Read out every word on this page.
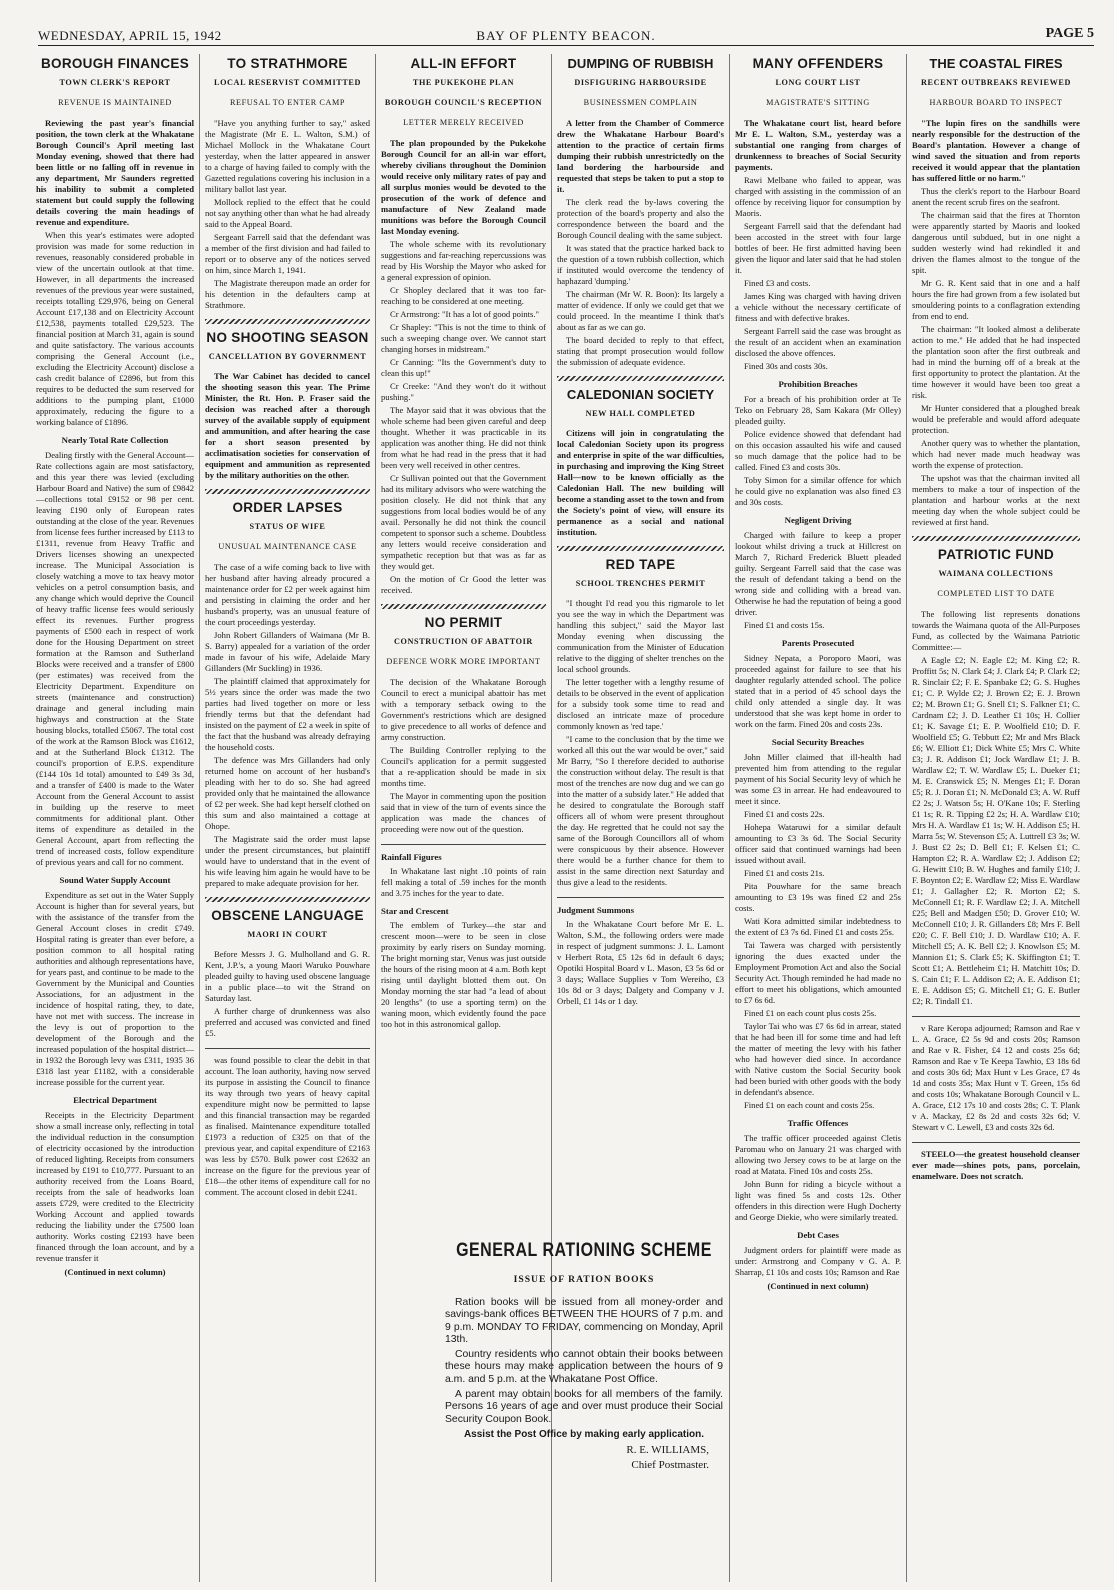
WEDNESDAY, APRIL 15, 1942	BAY OF PLENTY BEACON.	PAGE 5
BOROUGH FINANCES
TOWN CLERK'S REPORT
REVENUE IS MAINTAINED

Reviewing the past year's financial position, the town clerk at the Whakatane Borough Council's April meeting last Monday evening, showed that there had been little or no falling off in revenue in any department, Mr Saunders regretted his inability to submit a completed statement but could supply the following details covering the main headings of revenue and expenditure.

When this year's estimates were adopted provision was made for some reduction in revenues, reasonably considered probable in view of the uncertain outlook at that time. However, in all departments the increased revenues of the previous year were sustained, receipts totalling £29,976, being on General Account £17,138 and on Electricity Account £12,538, payments totalled £29,523. The financial position at March 31, again is sound and quite satisfactory. The various accounts comprising the General Account (i.e., excluding the Electricity Account) disclose a cash credit balance of £2896, but from this requires to be deducted the sum reserved for additions to the pumping plant, £1000 approximately, reducing the figure to a working balance of £1896.

Nearly Total Rate Collection

Dealing firstly with the General Account—Rate collections again are most satisfactory, and this year there was levied (excluding Harbour Board and Native) the sum of £9842—collections total £9152 or 98 per cent. leaving £190 only of European rates outstanding at the close of the year. Revenues from license fees further increased by £113 to £1311, revenue from Heavy Traffic and Drivers licenses showing an unexpected increase. The Municipal Association is closely watching a move to tax heavy motor vehicles on a petrol consumption basis, and any change which would deprive the Council of heavy traffic license fees would seriously effect its revenues. Further progress payments of £500 each in respect of work done for the Housing Department on street formation at the Ramson and Sutherland Blocks were received and a transfer of £800 (per estimates) was received from the Electricity Department. Expenditure on streets (maintenance and construction) drainage and general including main highways and construction at the State housing blocks, totalled £5067. The total cost of the work at the Ramson Block was £1612, and at the Sutherland Block £1312. The council's proportion of E.P.S. expenditure (£144 10s 1d total) amounted to £49 3s 3d, and a transfer of £400 is made to the Water Account from the General Account to assist in building up the reserve to meet commitments for additional plant. Other items of expenditure as detailed in the General Account, apart from reflecting the trend of increased costs, follow expenditure of previous years and call for no comment.

Sound Water Supply Account

Expenditure as set out in the Water Supply Account is higher than for several years, but with the assistance of the transfer from the General Account closes in credit £749. Hospital rating is greater than ever before, a position common to all hospital rating authorities and although representations have, for years past, and continue to be made to the Government by the Municipal and Counties Associations, for an adjustment in the incidence of hospital rating, they, to date, have not met with success. The increase in the levy is out of proportion to the development of the Borough and the increased population of the hospital district—in 1932 the Borough levy was £311, 1935 36 £318 last year £1182, with a considerable increase possible for the current year.

Electrical Department

Receipts in the Electricity Department show a small increase only, reflecting in total the individual reduction in the consumption of electricity occasioned by the introduction of reduced lighting. Receipts from consumers increased by £191 to £10,777. Pursuant to an authority received from the Loans Board, receipts from the sale of headworks loan assets £729, were credited to the Electricity Working Account and applied towards reducing the liability under the £7500 loan authority. Works costing £2193 have been financed through the loan account, and by a revenue transfer it

(Continued in next column)
TO STRATHMORE
LOCAL RESERVIST COMMITTED
REFUSAL TO ENTER CAMP

"Have you anything further to say," asked the Magistrate (Mr E. L. Walton, S.M.) of Michael Mollock in the Whakatane Court yesterday, when the latter appeared in answer to a charge of having failed to comply with the Gazetted regulations covering his inclusion in a military ballot last year.

Mollock replied to the effect that he could not say anything other than what he had already said to the Appeal Board.

Sergeant Farrell said that the defendant was a member of the first division and had failed to report or to observe any of the notices served on him, since March 1, 1941.

The Magistrate thereupon made an order for his detention in the defaulters camp at Strathmore.

NO SHOOTING SEASON
CANCELLATION BY GOVERNMENT

The War Cabinet has decided to cancel the shooting season this year. The Prime Minister, the Rt. Hon. P. Fraser said the decision was reached after a thorough survey of the available supply of equipment and ammunition, and after hearing the case for a short season presented by acclimatisation societies for conservation of equipment and ammunition as represented by the military authorities on the other.

ORDER LAPSES
STATUS OF WIFE
UNUSUAL MAINTENANCE CASE

The case of a wife coming back to live with her husband after having already procured a maintenance order for £2 per week against him and persisting in claiming the order and her husband's property, was an unusual feature of the court proceedings yesterday.

John Robert Gillanders of Waimana (Mr B. S. Barry) appealed for a variation of the order made in favour of his wife, Adelaide Mary Gillanders (Mr Suckling) in 1936.

The plaintiff claimed that approximately for 5½ years since the order was made the two parties had lived together on more or less friendly terms but that the defendant had insisted on the payment of £2 a week in spite of the fact that the husband was already defraying the household costs.

The defence was Mrs Gillanders had only returned home on account of her husband's pleading with her to do so. She had agreed provided only that he maintained the allowance of £2 per week. She had kept herself clothed on this sum and also maintained a cottage at Ohope.

The Magistrate said the order must lapse under the present circumstances, but plaintiff would have to understand that in the event of his wife leaving him again he would have to be prepared to make adequate provision for her.

OBSCENE LANGUAGE
MAORI IN COURT

Before Messrs J. G. Mulholland and G. R. Kent, J.P.'s, a young Maori Waruko Pouwhare pleaded guilty to having used obscene language in a public place—to wit the Strand on Saturday last.

A further charge of drunkenness was also preferred and accused was convicted and fined £5.

was found possible to clear the debit in that account. The loan authority, having now served its purpose in assisting the Council to finance its way through two years of heavy capital expenditure might now be permitted to lapse and this financial transaction may be regarded as finalised. Maintenance expenditure totalled £1973 a reduction of £325 on that of the previous year, and capital expenditure of £2163 was less by £570. Bulk power cost £2632 an increase on the figure for the previous year of £18—the other items of expenditure call for no comment. The account closed in debit £241.

ALL-IN EFFORT
THE PUKEKOHE PLAN
BOROUGH COUNCIL'S RECEPTION
LETTER MERELY RECEIVED

The plan propounded by the Pukekohe Borough Council for an all-in war effort, whereby civilians throughout the Dominion would receive only military rates of pay and all surplus monies would be devoted to the prosecution of the work of defence and manufacture of New Zealand made munitions was before the Borough Council last Monday evening.

The whole scheme with its revolutionary suggestions and far-reaching repercussions was read by His Worship the Mayor who asked for a general expression of opinion.

Cr Shopley declared that it was too far-reaching to be considered at one meeting.

Cr Armstrong: "It has a lot of good points."

Cr Shapley: "This is not the time to think of such a sweeping change over. We cannot start changing horses in midstream."

Cr Canning: "Its the Government's duty to clean this up!"

Cr Creeke: "And they won't do it without pushing."

The Mayor said that it was obvious that the whole scheme had been given careful and deep thought. Whether it was practicable in its application was another thing. He did not think from what he had read in the press that it had been very well received in other centres.

Cr Sullivan pointed out that the Government had its military advisors who were watching the position closely. He did not think that any suggestions from local bodies would be of any avail. Personally he did not think the council competent to sponsor such a scheme. Doubtless any letters would receive consideration and sympathetic reception but that was as far as they would get.

On the motion of Cr Good the letter was received.

NO PERMIT
CONSTRUCTION OF ABATTOIR
DEFENCE WORK MORE IMPORTANT

The decision of the Whakatane Borough Council to erect a municipal abattoir has met with a temporary setback owing to the Government's restrictions which are designed to give precedence to all works of defence and army construction.

The Building Controller replying to the Council's application for a permit suggested that a re-application should be made in six months time.

The Mayor in commenting upon the position said that in view of the turn of events since the application was made the chances of proceeding were now out of the question.

Rainfall Figures

In Whakatane last night .10 points of rain fell making a total of .59 inches for the month and 3.75 inches for the year to date.

Star and Crescent

The emblem of Turkey—the star and crescent moon—were to be seen in close proximity by early risers on Sunday morning. The bright morning star, Venus was just outside the hours of the rising moon at 4 a.m. Both kept rising until daylight blotted them out. On Monday morning the star had "a lead of about 20 lengths" (to use a sporting term) on the waning moon, which evidently found the pace too hot in this astronomical gallop.

DUMPING OF RUBBISH
DISFIGURING HARBOURSIDE
BUSINESSMEN COMPLAIN

A letter from the Chamber of Commerce drew the Whakatane Harbour Board's attention to the practice of certain firms dumping their rubbish unrestrictedly on the land bordering the harbourside and requested that steps be taken to put a stop to it.

The clerk read the by-laws covering the protection of the board's property and also the correspondence between the board and the Borough Council dealing with the same subject.

It was stated that the practice harked back to the question of a town rubbish collection, which if instituted would overcome the tendency of haphazard 'dumping.'

The chairman (Mr W. R. Boon): Its largely a matter of evidence. If only we could get that we could proceed. In the meantime I think that's about as far as we can go.

The board decided to reply to that effect, stating that prompt prosecution would follow the submission of adequate evidence.

CALEDONIAN SOCIETY
NEW HALL COMPLETED

Citizens will join in congratulating the local Caledonian Society upon its progress and enterprise in spite of the war difficulties, in purchasing and improving the King Street Hall—now to be known officially as the Caledonian Hall. The new building will become a standing asset to the town and from the Society's point of view, will ensure its permanence as a social and national institution.

RED TAPE
SCHOOL TRENCHES PERMIT

"I thought I'd read you this rigmarole to let you see the way in which the Department was handling this subject," said the Mayor last Monday evening when discussing the communication from the Minister of Education relative to the digging of shelter trenches on the local school grounds.

The letter together with a lengthy resume of details to be observed in the event of application for a subsidy took some time to read and disclosed an intricate maze of procedure commonly known as 'red tape.'

"I came to the conclusion that by the time we worked all this out the war would be over," said Mr Barry, "So I therefore decided to authorise the construction without delay. The result is that most of the trenches are now dug and we can go into the matter of a subsidy later." He added that he desired to congratulate the Borough staff officers all of whom were present throughout the day. He regretted that he could not say the same of the Borough Councillors all of whom were conspicuous by their absence. However there would be a further chance for them to assist in the same direction next Saturday and thus give a lead to the residents.

Judgment Summons

In the Whakatane Court before Mr E. L. Walton, S.M., the following orders were made in respect of judgment summons: J. L. Lamont v Herbert Rota, £5 12s 6d in default 6 days; Opotiki Hospital Board v L. Mason, £3 5s 6d or 3 days; Wallace Supplies v Tom Wereiho, £3 10s 8d or 3 days; Dalgety and Company v J. Orbell, £1 14s or 1 day.

GENERAL RATIONING SCHEME
ISSUE OF RATION BOOKS

Ration books will be issued from all money-order and savings-bank offices BETWEEN THE HOURS of 7 p.m. and 9 p.m. MONDAY TO FRIDAY, commencing on Monday, April 13th.

Country residents who cannot obtain their books between these hours may make application between the hours of 9 a.m. and 5 p.m. at the Whakatane Post Office.

A parent may obtain books for all members of the family. Persons 16 years of age and over must produce their Social Security Coupon Book.

Assist the Post Office by making early application.

R. E. WILLIAMS,
Chief Postmaster.
MANY OFFENDERS
LONG COURT LIST
MAGISTRATE'S SITTING

The Whakatane court list, heard before Mr E. L. Walton, S.M., yesterday was a substantial one ranging from charges of drunkenness to breaches of Social Security payments.

Rawi Melbane who failed to appear, was charged with assisting in the commission of an offence by receiving liquor for consumption by Maoris.

Sergeant Farrell said that the defendant had been accosted in the street with four large bottles of beer. He first admitted having been given the liquor and later said that he had stolen it.

Fined £3 and costs.

James King was charged with having driven a vehicle without the necessary certificate of fitness and with defective brakes.

Sergeant Farrell said the case was brought as the result of an accident when an examination disclosed the above offences.

Fined 30s and costs 30s.

Prohibition Breaches

For a breach of his prohibition order at Te Teko on February 28, Sam Kakara (Mr Olley) pleaded guilty.

Police evidence showed that defendant had on this occasion assaulted his wife and caused so much damage that the police had to be called. Fined £3 and costs 30s.

Toby Simon for a similar offence for which he could give no explanation was also fined £3 and 30s costs.

Negligent Driving

Charged with failure to keep a proper lookout whilst driving a truck at Hillcrest on March 7, Richard Frederick Bluett pleaded guilty. Sergeant Farrell said that the case was the result of defendant taking a bend on the wrong side and colliding with a bread van. Otherwise he had the reputation of being a good driver.

Fined £1 and costs 15s.

Parents Prosecuted

Sidney Nepata, a Poroporo Maori, was proceeded against for failure to see that his daughter regularly attended school. The police stated that in a period of 45 school days the child only attended a single day. It was understood that she was kept home in order to work on the farm. Fined 20s and costs 23s.

Social Security Breaches

John Miller claimed that ill-health had prevented him from attending to the regular payment of his Social Security levy of which he was some £3 in arrear. He had endeavoured to meet it since.

Fined £1 and costs 22s.

Hohepa Wataruwi for a similar default amounting to £3 3s 6d. The Social Security officer said that continued warnings had been issued without avail.

Fined £1 and costs 21s.

Pita Pouwhare for the same breach amounting to £3 19s was fined £2 and 25s costs.

Wati Kora admitted similar indebtedness to the extent of £3 7s 6d. Fined £1 and costs 25s.

Tai Tawera was charged with persistently ignoring the dues exacted under the Employment Promotion Act and also the Social Security Act. Though reminded he had made no effort to meet his obligations, which amounted to £7 6s 6d.

Fined £1 on each count plus costs 25s.

Taylor Tai who was £7 6s 6d in arrear, stated that he had been ill for some time and had left the matter of meeting the levy with his father who had however died since. In accordance with Native custom the Social Security book had been buried with other goods with the body in defendant's absence.

Fined £1 on each count and costs 25s.

Traffic Offences

The traffic officer proceeded against Cletis Paromau who on January 21 was charged with allowing two Jersey cows to be at large on the road at Matata. Fined 10s and costs 25s.

John Bunn for riding a bicycle without a light was fined 5s and costs 12s. Other offenders in this direction were Hugh Docherty and George Diekie, who were similarly treated.

Debt Cases

Judgment orders for plaintiff were made as under: Armstrong and Company v G. A. P. Sharrap, £1 10s and costs 10s; Ramson and Rae

(Continued in next column)
THE COASTAL FIRES
RECENT OUTBREAKS REVIEWED
HARBOUR BOARD TO INSPECT

"The lupin fires on the sandhills were nearly responsible for the destruction of the Board's plantation. However a change of wind saved the situation and from reports received it would appear that the plantation has suffered little or no harm."

Thus the clerk's report to the Harbour Board anent the recent scrub fires on the seafront.

The chairman said that the fires at Thornton were apparently started by Maoris and looked dangerous until subdued, but in one night a sudden westerly wind had rekindled it and driven the flames almost to the tongue of the spit.

Mr G. R. Kent said that in one and a half hours the fire had grown from a few isolated but smouldering points to a conflagration extending from end to end.

The chairman: "It looked almost a deliberate action to me." He added that he had inspected the plantation soon after the first outbreak and had in mind the burning off of a break at the first opportunity to protect the plantation. At the time however it would have been too great a risk.

Mr Hunter considered that a ploughed break would be preferable and would afford adequate protection.

Another query was to whether the plantation, which had never made much headway was worth the expense of protection.

The upshot was that the chairman invited all members to make a tour of inspection of the plantation and harbour works at the next meeting day when the whole subject could be reviewed at first hand.

PATRIOTIC FUND
WAIMANA COLLECTIONS
COMPLETED LIST TO DATE

The following list represents donations towards the Waimana quota of the All-Purposes Fund, as collected by the Waimana Patriotic Committee:—

A Eagle £2; N. Eagle £2; M. King £2; R. Proffitt 5s; N. Clark £4; J. Clark £4; P. Clark £2; R. Sinclair £2; F. E. Spanbake £2; G. S. Hughes £1; C. P. Wylde £2; J. Brown £2; E. J. Brown £2; M. Brown £1; G. Snell £1; S. Falkner £1; C. Cardnam £2; J. D. Leather £1 10s; H. Collier £1; K. Savage £1; E. P. Woolfield £10; D. F. Woolfield £5; G. Tebbutt £2; Mr and Mrs Black £6; W. Elliott £1; Dick White £5; Mrs C. White £3; J. R. Addison £1; Jock Wardlaw £1; J. B. Wardlaw £2; T. W. Wardlaw £5; L. Dueker £1; M. E. Cranswick £5; N. Menges £1; F. Doran £5; R. J. Doran £1; N. McDonald £3; A. W. Ruff £2 2s; J. Watson 5s; H. O'Kane 10s; F. Sterling £1 1s; R. R. Tipping £2 2s; H. A. Wardlaw £10; Mrs H. A. Wardlaw £1 1s; W. H. Addison £5; H. Marra 5s; W. Stevenson £5; A. Luttrell £3 3s; W. J. Bust £2 2s; D. Bell £1; F. Kelsen £1; C. Hampton £2; R. A. Wardlaw £2; J. Addison £2; G. Hewitt £10; B. W. Hughes and family £10; J. F. Boynton £2; E. Wardlaw £2; Miss E. Wardlaw £1; J. Gallagher £2; R. Morton £2; S. McConnell £1; R. F. Wardlaw £2; J. A. Mitchell £25; Bell and Madgen £50; D. Grover £10; W. McConnell £10; J. R. Gillanders £8; Mrs F. Bell £20; C. F. Bell £10; J. D. Wardlaw £10; A. F. Mitchell £5; A. K. Bell £2; J. Knowlson £5; M. Mannion £1; S. Clark £5; K. Skiffington £1; T. Scott £1; A. Bettleheim £1; H. Matchitt 10s; D. S. Cain £1; F. L. Addison £2; A. E. Addison £1; E. E. Addison £5; G. Mitchell £1; G. E. Butler £2; R. Tindall £1.

v Rare Keropa adjourned; Ramson and Rae v L. A. Grace, £2 5s 9d and costs 20s; Ramson and Rae v R. Fisher, £4 12 and costs 25s 6d; Ramson and Rae v Te Keepa Tawhio, £3 18s 6d and costs 30s 6d; Max Hunt v Les Grace, £7 4s 1d and costs 35s; Max Hunt v T. Green, 15s 6d and costs 10s; Whakatane Borough Council v L. A. Grace, £12 17s 10 and costs 28s; C. T. Plank v A. Mackay, £2 8s 2d and costs 32s 6d; V. Stewart v C. Lewell, £3 and costs 32s 6d.

STEELO—the greatest household cleanser ever made—shines pots, pans, porcelain, enamelware. Does not scratch.
